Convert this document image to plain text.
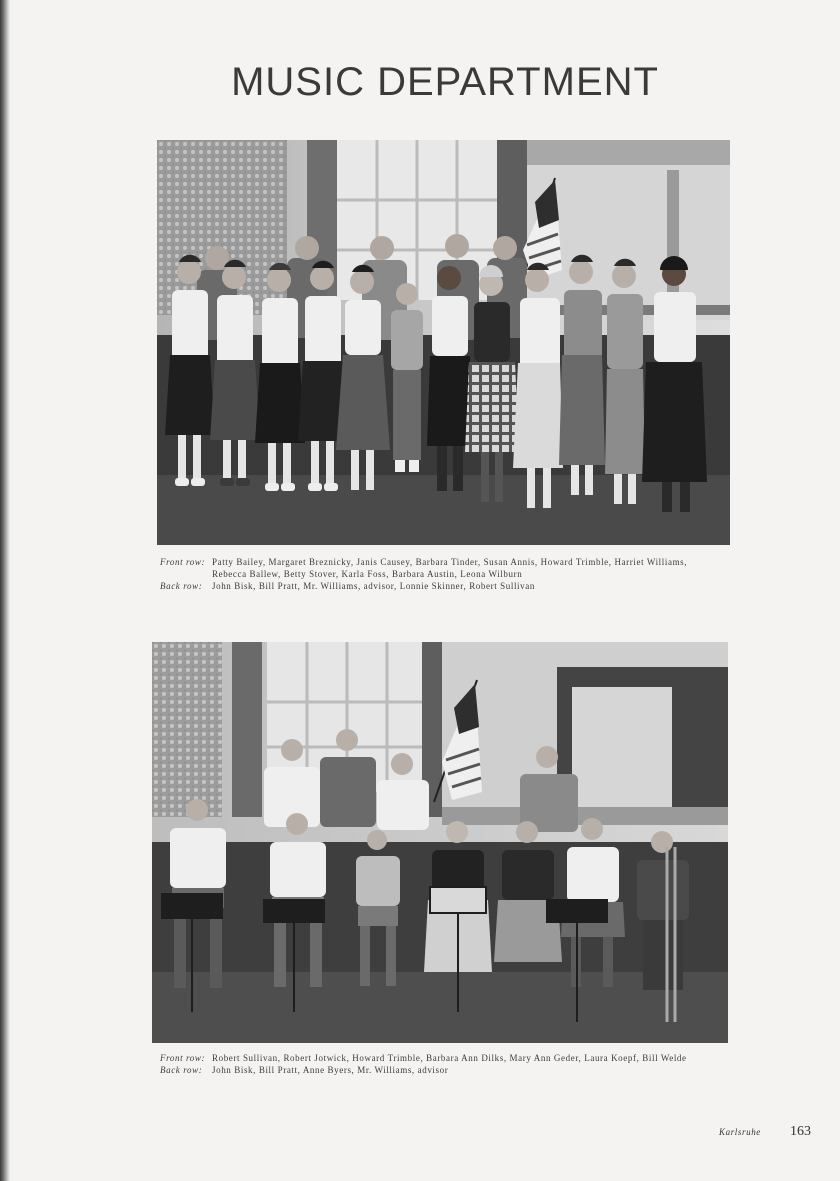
MUSIC DEPARTMENT
Front row: Patty Bailey, Margaret Breznicky, Janis Causey, Barbara Tinder, Susan Annis, Howard Trimble, Harriet Williams,
Rebecca Ballew, Betty Stover, Karla Foss, Barbara Austin, Leona Wilburn
Back row: John Bisk, Bill Pratt, Mr. Williams, advisor, Lonnie Skinner, Robert Sullivan
Front row: Robert Sullivan, Robert Jotwick, Howard Trimble, Barbara Ann Dilks, Mary Ann Geder, Laura Koepf, Bill Welde
Back row: John Bisk, Bill Pratt, Anne Byers, Mr. Williams, advisor
Karlsruhe 163
